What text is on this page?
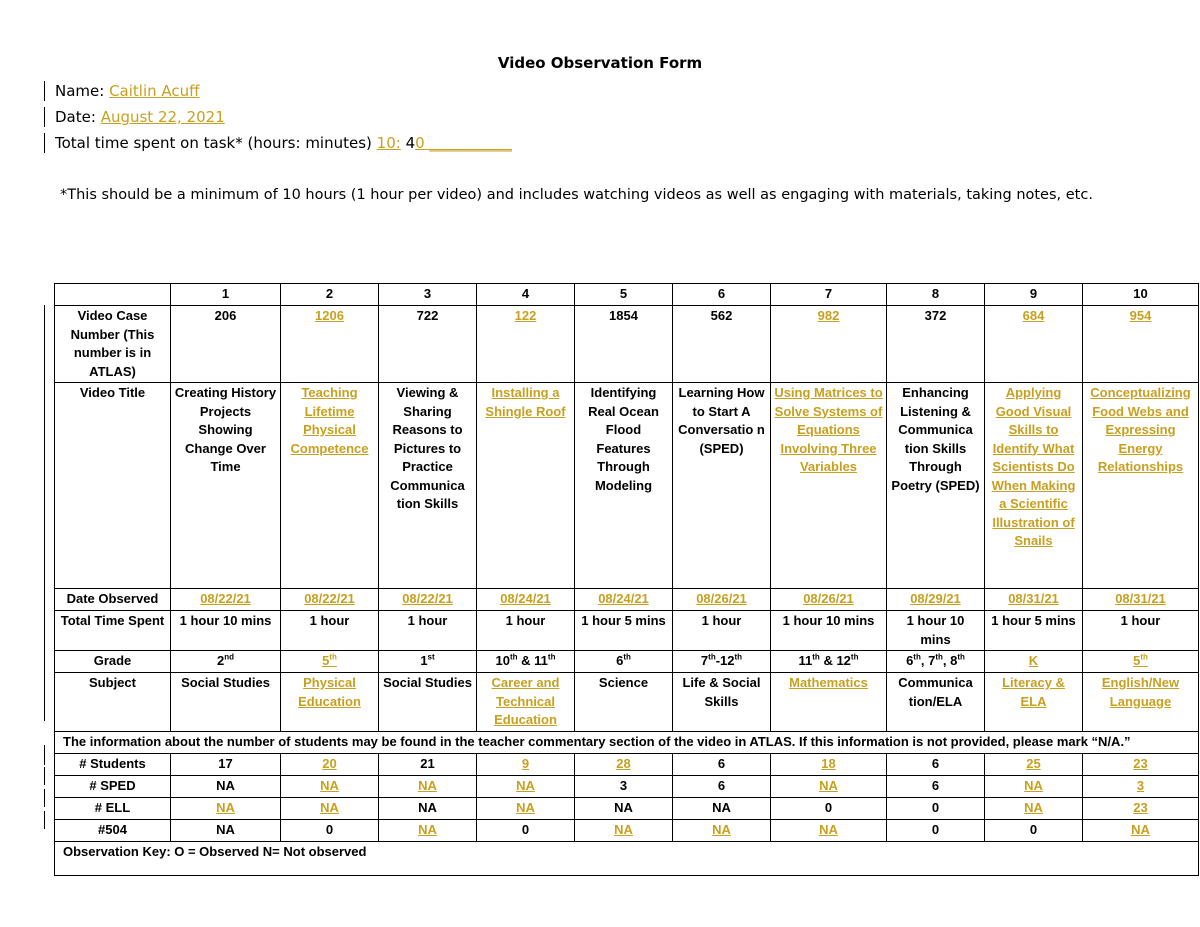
Video Observation Form
Name: Caitlin Acuff
Date: August 22, 2021
Total time spent on task* (hours: minutes) 10: 40 ___________
*This should be a minimum of 10 hours (1 hour per video) and includes watching videos as well as engaging with materials, taking notes, etc.
	1	2	3	4	5	6	7	8	9	10
Video Case Number (This number is in ATLAS)	206	1206	722	122	1854	562	982	372	684	954
Video Title	Creating History Projects Showing Change Over Time	Teaching Lifetime Physical Competence	Viewing & Sharing Reasons to Pictures to Practice Communica tion Skills	Installing a Shingle Roof	Identifying Real Ocean Flood Features Through Modeling	Learning How to Start A Conversatio n (SPED)	Using Matrices to Solve Systems of Equations Involving Three Variables	Enhancing Listening & Communica tion Skills Through Poetry (SPED)	Applying Good Visual Skills to Identify What Scientists Do When Making a Scientific Illustration of Snails	Conceptualizing Food Webs and Expressing Energy Relationships
Date Observed	08/22/21	08/22/21	08/22/21	08/24/21	08/24/21	08/26/21	08/26/21	08/29/21	08/31/21	08/31/21
Total Time Spent	1 hour 10 mins	1 hour	1 hour	1 hour	1 hour 5 mins	1 hour	1 hour 10 mins	1 hour 10 mins	1 hour 5 mins	1 hour
Grade	2nd	5th	1st	10th & 11th	6th	7th-12th	11th & 12th	6th, 7th, 8th	K	5th
Subject	Social Studies	Physical Education	Social Studies	Career and Technical Education	Science	Life & Social Skills	Mathematics	Communica tion/ELA	Literacy & ELA	English/New Language
The information about the number of students may be found in the teacher commentary section of the video in ATLAS. If this information is not provided, please mark “N/A.”										
# Students	17	20	21	9	28	6	18	6	25	23
# SPED	NA	NA	NA	NA	3	6	NA	6	NA	3
# ELL	NA	NA	NA	NA	NA	NA	0	0	NA	23
#504	NA	0	NA	0	NA	NA	NA	0	0	NA
Observation Key: O = Observed N= Not observed										
